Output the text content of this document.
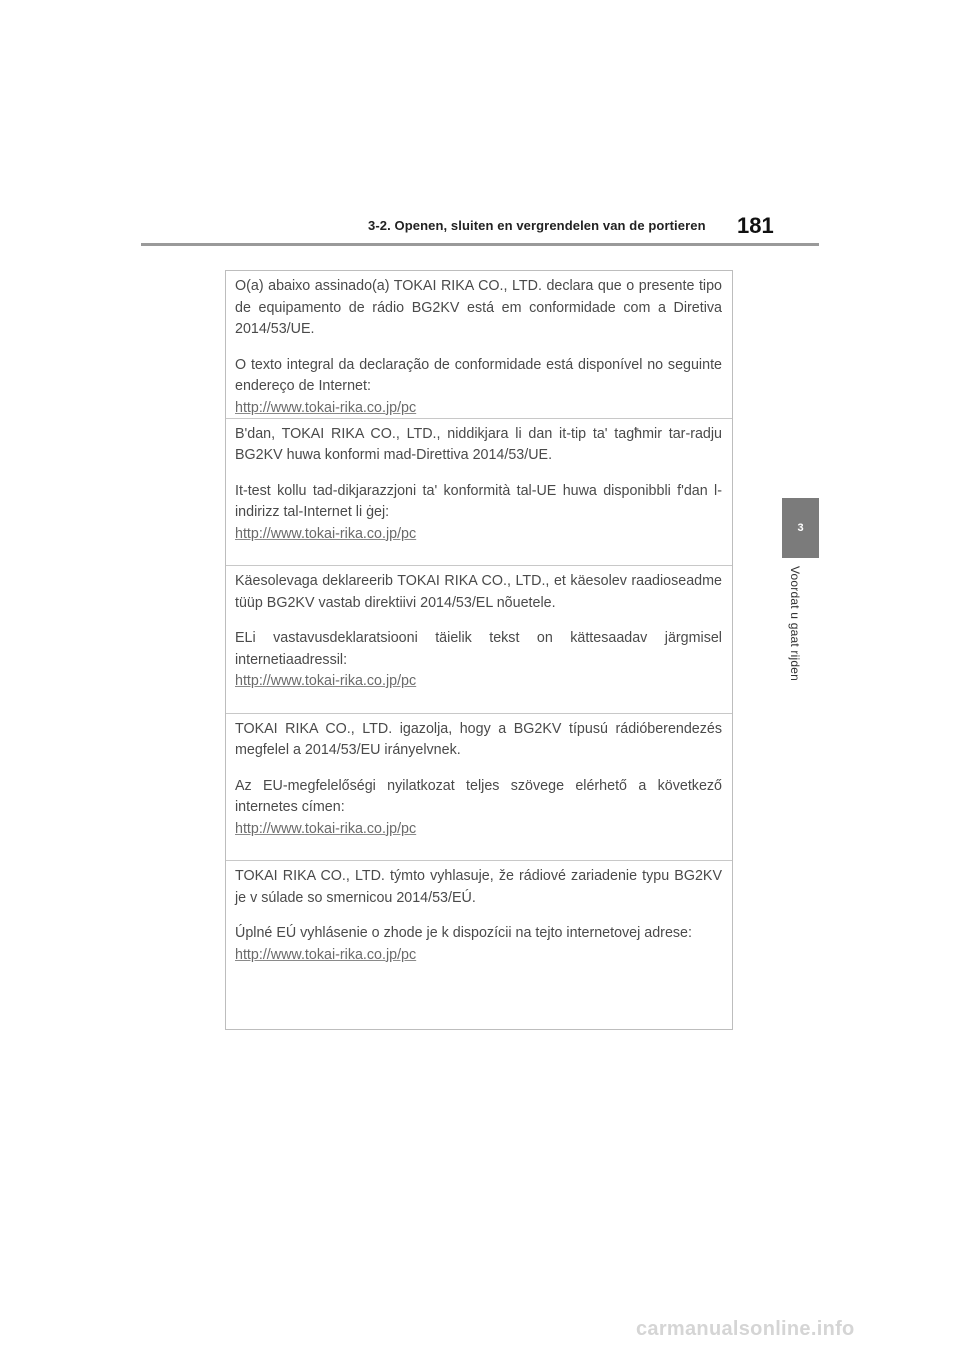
3-2. Openen, sluiten en vergrendelen van de portieren 181
3
Voordat u gaat rijden

O(a) abaixo assinado(a) TOKAI RIKA CO., LTD. declara que o presente tipo de equipamento de rádio BG2KV está em conformidade com a Diretiva 2014/53/UE.

O texto integral da declaração de conformidade está disponível no seguinte endereço de Internet:

http://www.tokai-rika.co.jp/pc

B'dan, TOKAI RIKA CO., LTD., niddikjara li dan it-tip ta' tagħmir tar-radju BG2KV huwa konformi mad-Direttiva 2014/53/UE.

It-test kollu tad-dikjarazzjoni ta' konformità tal-UE huwa disponibbli f'dan l-indirizz tal-Internet li ġej:

http://www.tokai-rika.co.jp/pc

Käesolevaga deklareerib TOKAI RIKA CO., LTD., et käesolev raadioseadme tüüp BG2KV vastab direktiivi 2014/53/EL nõuetele.

ELi vastavusdeklaratsiooni täielik tekst on kättesaadav järgmisel internetiaadressil:

http://www.tokai-rika.co.jp/pc

TOKAI RIKA CO., LTD. igazolja, hogy a BG2KV típusú rádióberendezés megfelel a 2014/53/EU irányelvnek.

Az EU-megfelelőségi nyilatkozat teljes szövege elérhető a következő internetes címen:

http://www.tokai-rika.co.jp/pc

TOKAI RIKA CO., LTD. týmto vyhlasuje, že rádiové zariadenie typu BG2KV je v súlade so smernicou 2014/53/EÚ.

Úplné EÚ vyhlásenie o zhode je k dispozícii na tejto internetovej adrese:

http://www.tokai-rika.co.jp/pc
carmanualsonline.info
